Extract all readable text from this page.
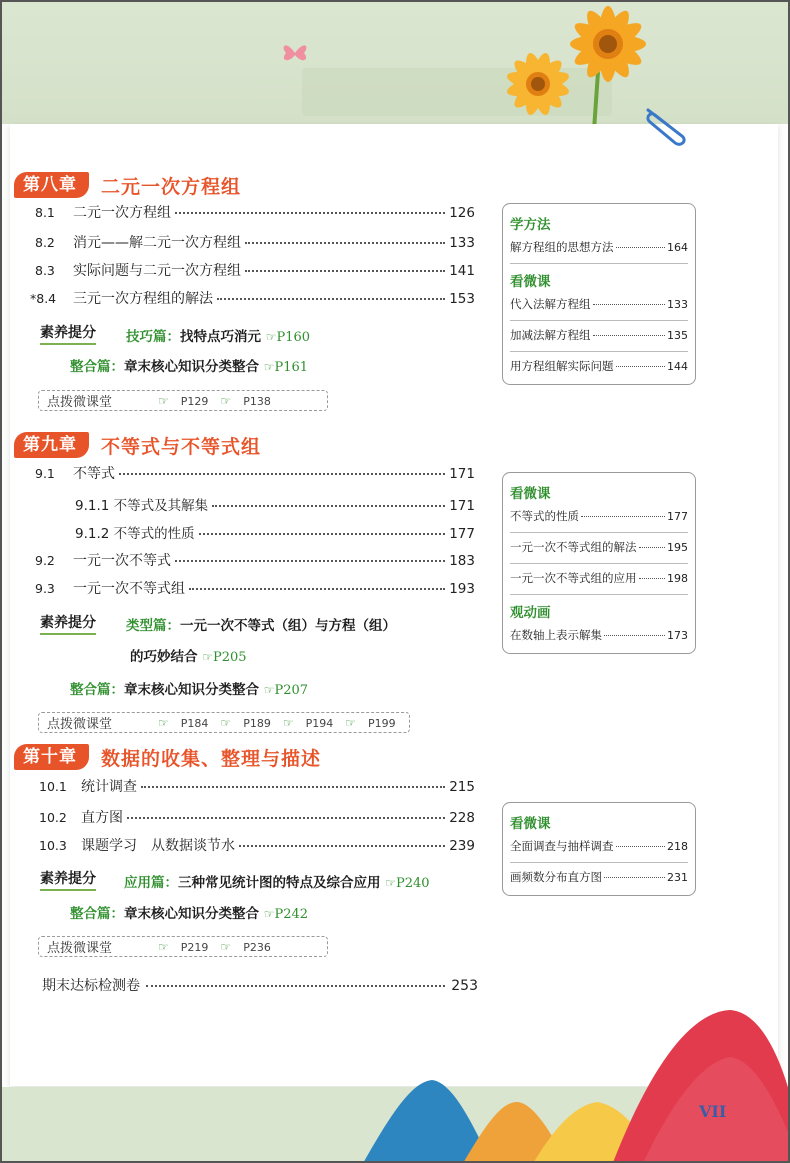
第八章	二元一次方程组
8.1	二元一次方程组	126
8.2	消元——解二元一次方程组	133
8.3	实际问题与二元一次方程组	141
*8.4	三元一次方程组的解法	153
素养提分 技巧篇：找特点巧消元 ☞P160
整合篇：章末核心知识分类整合 ☞P161
点拨微课堂	☞ P129 ☞ P138
第九章	不等式与不等式组
9.1	不等式	171
9.1.1 不等式及其解集	171
9.1.2 不等式的性质	177
9.2	一元一次不等式	183
9.3	一元一次不等式组	193
素养提分 类型篇：一元一次不等式（组）与方程（组）
的巧妙结合 ☞P205
整合篇：章末核心知识分类整合 ☞P207
点拨微课堂	☞ P184 ☞ P189 ☞ P194 ☞ P199
第十章	数据的收集、整理与描述
10.1	统计调查	215
10.2	直方图	228
10.3	课题学习　从数据谈节水	239
素养提分 应用篇：三种常见统计图的特点及综合应用 ☞P240
整合篇：章末核心知识分类整合 ☞P242
点拨微课堂	☞ P219 ☞ P236
期末达标检测卷	253
学方法
解方程组的思想方法	164
看微课
代入法解方程组	133
加减法解方程组	135
用方程组解实际问题	144
看微课
不等式的性质	177
一元一次不等式组的解法	195
一元一次不等式组的应用	198
观动画
在数轴上表示解集	173
看微课
全面调查与抽样调查	218
画频数分布直方图	231
VII
